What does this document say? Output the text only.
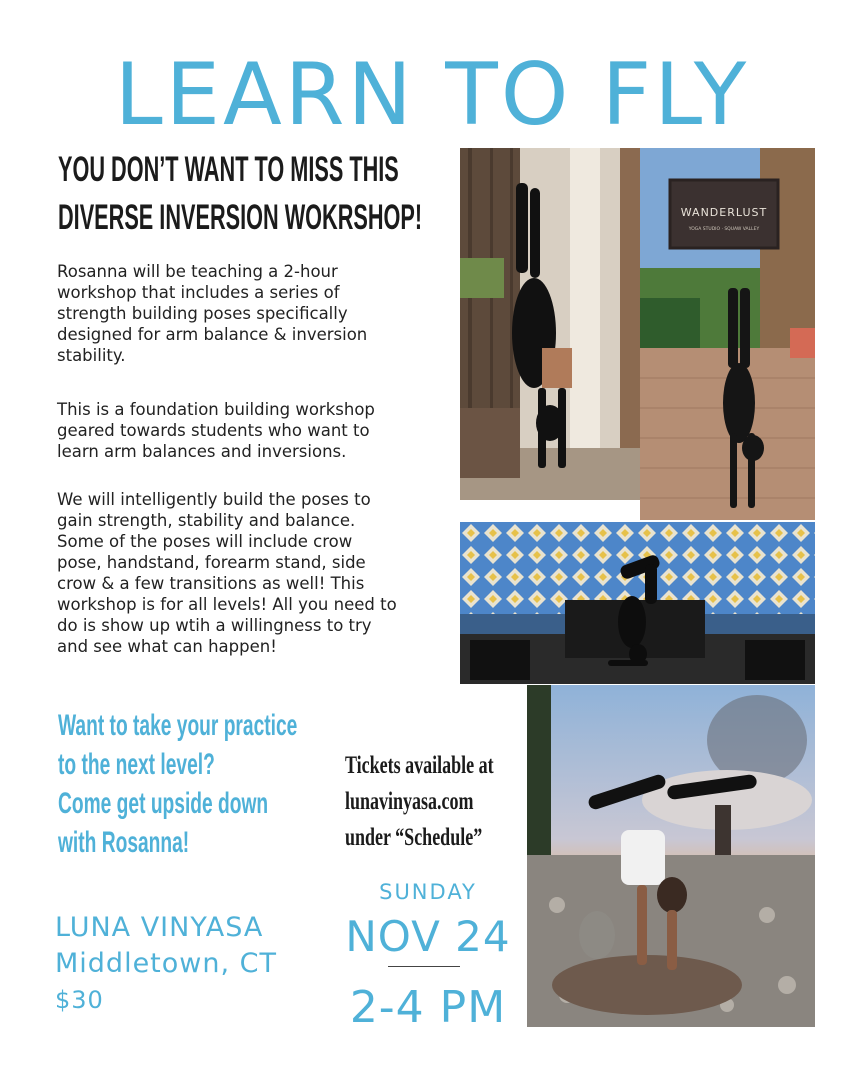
LEARN TO FLY
YOU DON’T WANT TO MISS THIS
DIVERSE INVERSION WOKRSHOP!
Rosanna will be teaching a 2-hour
workshop that includes a series of
strength building poses specifically
designed for arm balance & inversion
stability.
This is a foundation building workshop
geared towards students who want to
learn arm balances and inversions.
We will intelligently build the poses to
gain strength, stability and balance.
Some of the poses will include crow
pose, handstand, forearm stand, side
crow & a few transitions as well! This
workshop is for all levels! All you need to
do is show up wtih a willingness to try
and see what can happen!
WANDERLUST
YOGA STUDIO · SQUAW VALLEY
Want to take your practice
to the next level?
Come get upside down
with Rosanna!
Tickets available at
lunavinyasa.com
under “Schedule”
LUNA VINYASA
Middletown, CT
$30
SUNDAY
NOV 24
2-4 PM
